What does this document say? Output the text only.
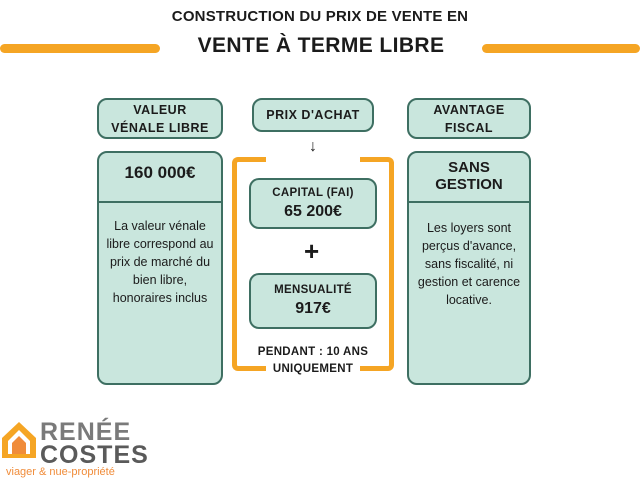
CONSTRUCTION DU PRIX DE VENTE EN
VENTE À TERME LIBRE
VALEUR VÉNALE LIBRE
160 000€
La valeur vénale libre correspond au prix de marché du bien libre, honoraires inclus
PRIX D'ACHAT
↓
CAPITAL (FAI)
65 200€
+
MENSUALITÉ
917€
PENDANT : 10 ANS UNIQUEMENT
AVANTAGE FISCAL
SANS GESTION
Les loyers sont perçus d'avance, sans fiscalité, ni gestion et carence locative.
RENÉE
COSTES
viager & nue-propriété
